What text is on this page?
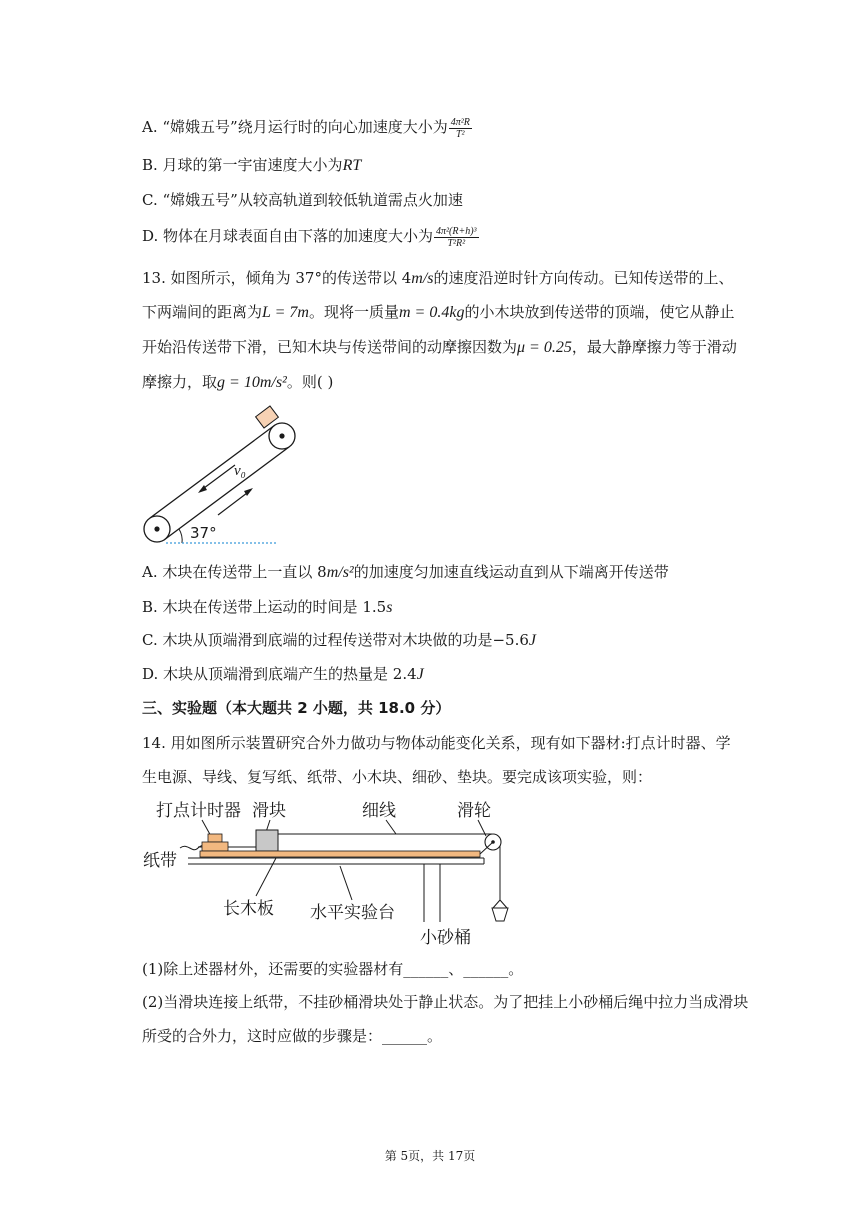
A. “嫦娥五号”绕月运行时的向心加速度大小为 $\frac{\text{4π²R}}{\text{T²}}$
B. 月球的第一宇宙速度大小为RT
C. “嫦娥五号”从较高轨道到较低轨道需点火加速
D. 物体在月球表面自由下落的加速度大小为 $\frac{\text{4π²(R+h)³}}{\text{T²R²}}$
13. 如图所示，倾角为 37°的传送带以 4m/s的速度沿逆时针方向传动。已知传送带的上、
下两端间的距离为L = 7m。现将一质量m = 0.4kg的小木块放到传送带的顶端，使它从静止
开始沿传送带下滑，已知木块与传送带间的动摩擦因数为μ = 0.25，最大静摩擦力等于滑动
摩擦力，取g = 10m/s²。则( )
v₀
37°
A. 木块在传送带上一直以 8m/s²的加速度匀加速直线运动直到从下端离开传送带
B. 木块在传送带上运动的时间是 1.5s
C. 木块从顶端滑到底端的过程传送带对木块做的功是−5.6J
D. 木块从顶端滑到底端产生的热量是 2.4J
三、实验题（本大题共 2 小题，共 18.0 分）
14. 用如图所示装置研究合外力做功与物体动能变化关系，现有如下器材:打点计时器、学
生电源、导线、复写纸、纸带、小木块、细砂、垫块。要完成该项实验，则：
打点计时器 滑块	细线	滑轮
纸带
长木板 水平实验台
小砂桶
(1)除上述器材外，还需要的实验器材有______、______。
(2)当滑块连接上纸带，不挂砂桶滑块处于静止状态。为了把挂上小砂桶后绳中拉力当成滑块
所受的合外力，这时应做的步骤是：______。
第 5页，共 17页
